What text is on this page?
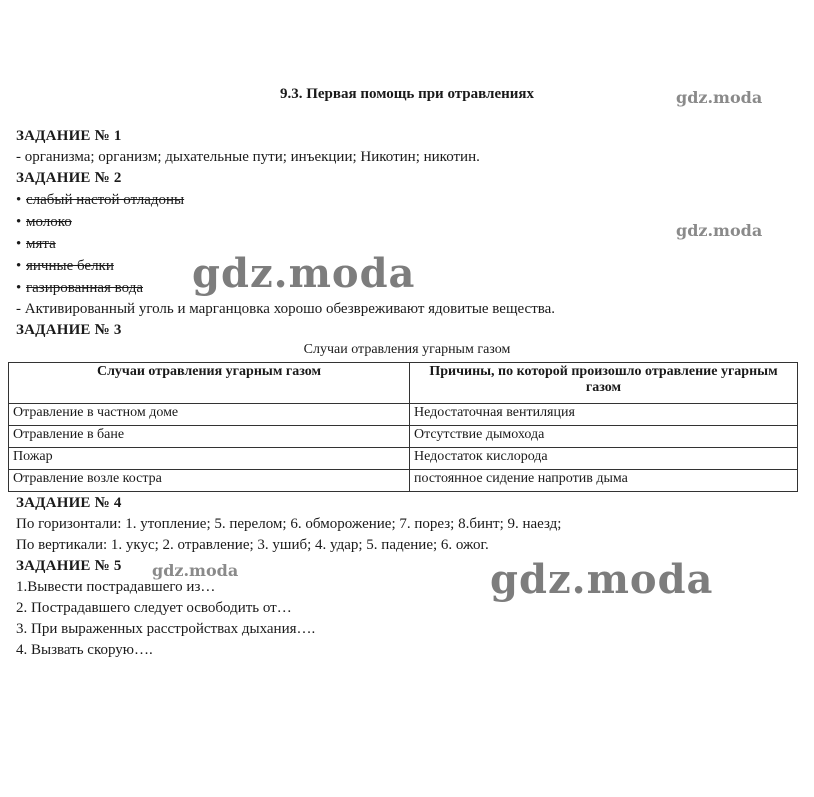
9.3. Первая помощь при отравлениях
ЗАДАНИЕ № 1
- организма; организм; дыхательные пути; инъекции; Никотин; никотин.
ЗАДАНИЕ № 2
• слабый настой отладоны
• молоко
• мята
• яичные белки
• газированная вода
- Активированный уголь и марганцовка хорошо обезвреживают ядовитые вещества.
ЗАДАНИЕ № 3
Случаи отравления угарным газом
Случаи отравления угарным газом	Причины, по которой произошло отравление угарным газом
Отравление в частном доме	Недостаточная вентиляция
Отравление в бане	Отсутствие дымохода
Пожар	Недостаток кислорода
Отравление возле костра	постоянное сидение напротив дыма
ЗАДАНИЕ № 4
По горизонтали: 1. утопление; 5. перелом; 6. обморожение; 7. порез; 8.бинт; 9. наезд;
По вертикали: 1. укус; 2. отравление; 3. ушиб; 4. удар; 5. падение; 6. ожог.
ЗАДАНИЕ № 5
1.Вывести пострадавшего из…
2. Пострадавшего следует освободить от…
3. При выраженных расстройствах дыхания….
4. Вызвать скорую….
gdz.moda
gdz.moda
gdz.moda
gdz.moda	gdz.moda
